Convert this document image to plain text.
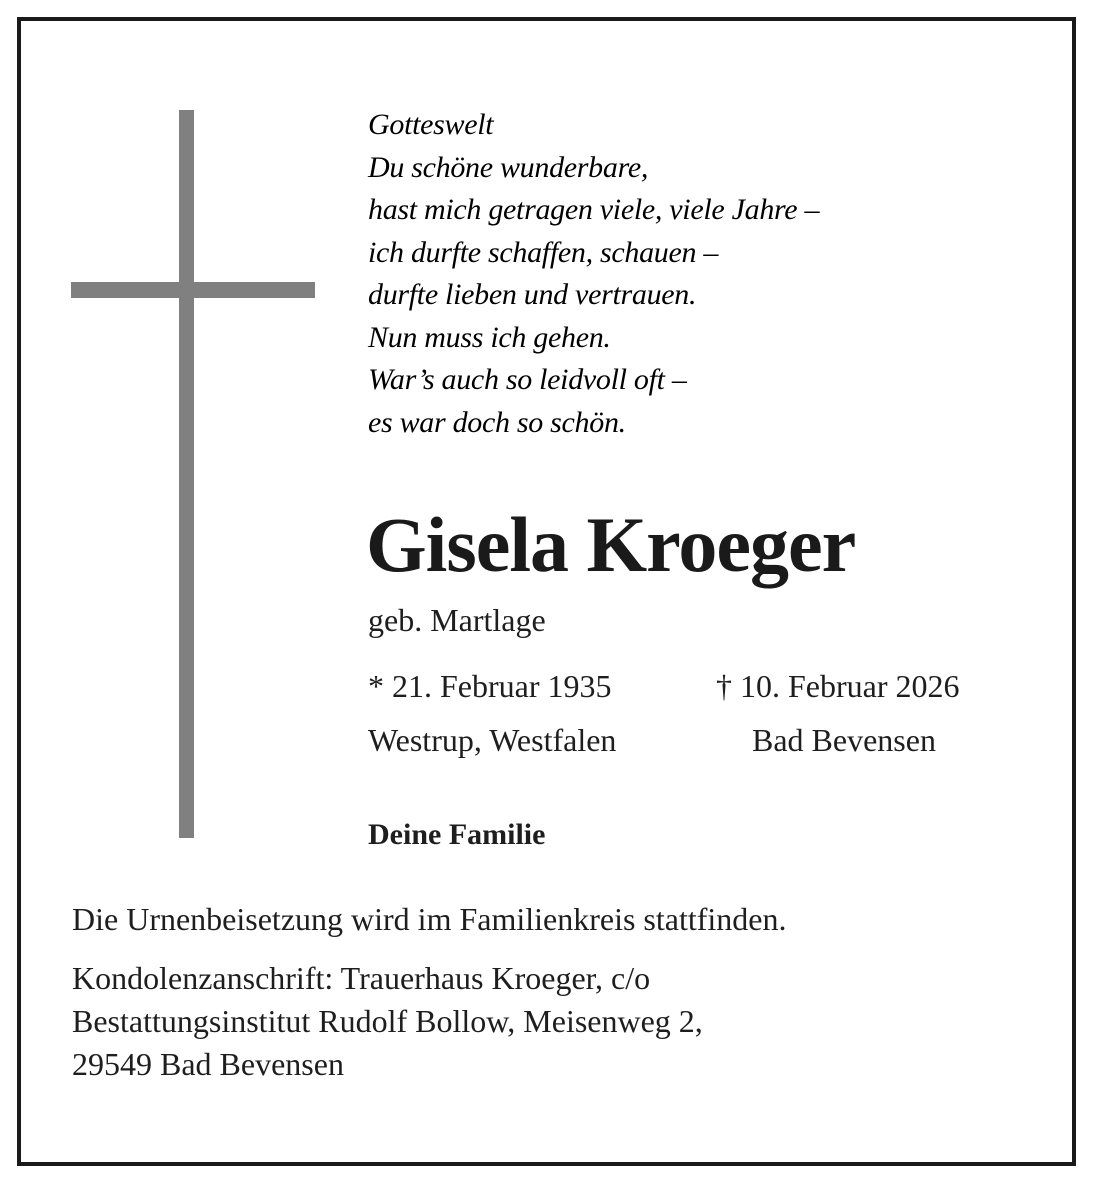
Gotteswelt
Du schöne wunderbare,
hast mich getragen viele, viele Jahre –
ich durfte schaffen, schauen –
durfte lieben und vertrauen.
Nun muss ich gehen.
War’s auch so leidvoll oft –
es war doch so schön.
Gisela Kroeger
geb. Martlage
* 21. Februar 1935	† 10. Februar 2026
Westrup, Westfalen	Bad Bevensen
Deine Familie
Die Urnenbeisetzung wird im Familienkreis stattfinden.
Kondolenzanschrift: Trauerhaus Kroeger, c/o
Bestattungsinstitut Rudolf Bollow, Meisenweg 2,
29549 Bad Bevensen
